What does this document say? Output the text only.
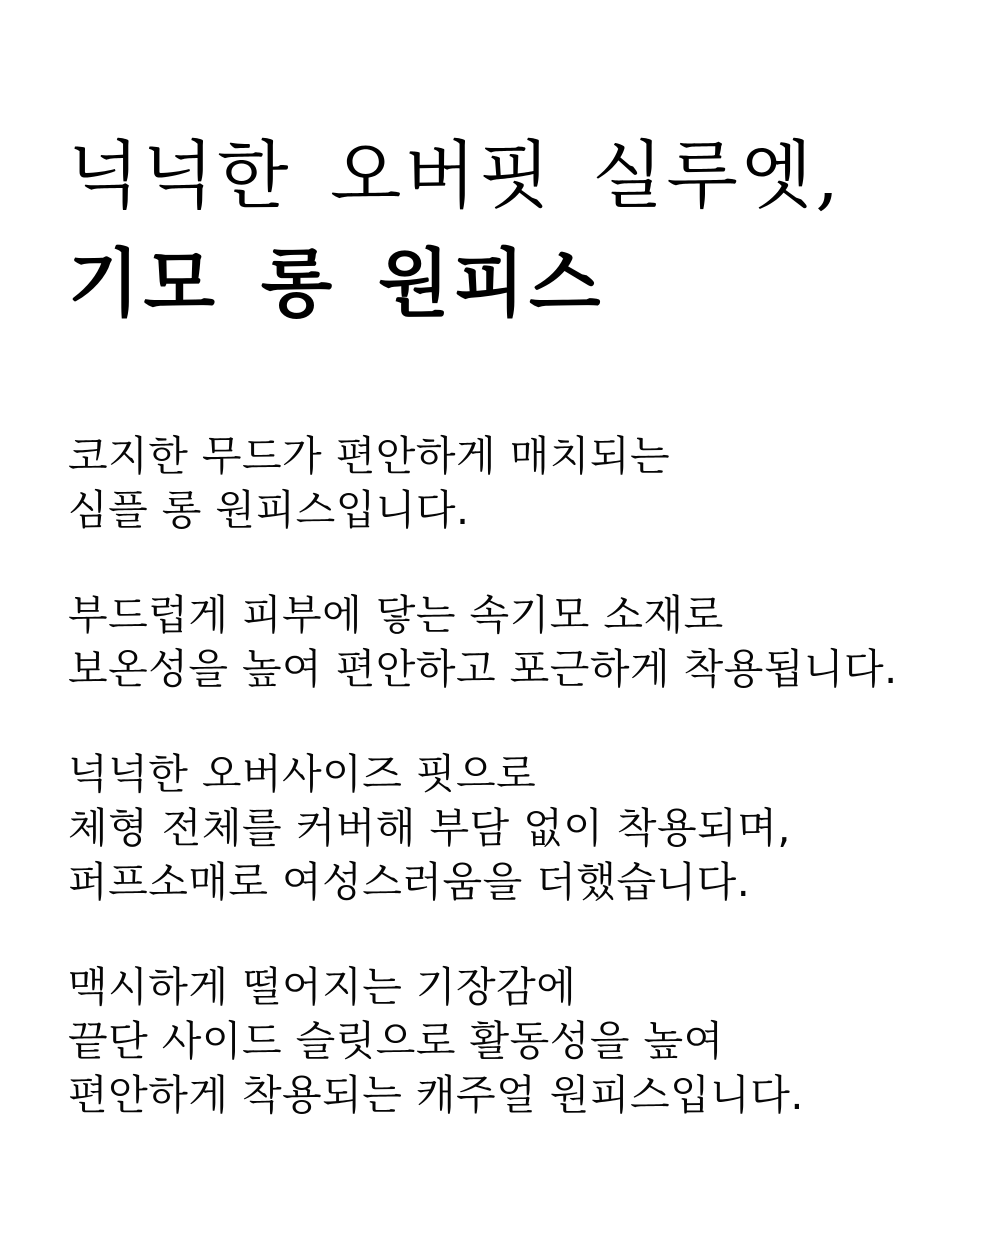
넉넉한 오버핏 실루엣,
기모 롱 원피스

코지한 무드가 편안하게 매치되는
심플 롱 원피스입니다.

부드럽게 피부에 닿는 속기모 소재로
보온성을 높여 편안하고 포근하게 착용됩니다.

넉넉한 오버사이즈 핏으로
체형 전체를 커버해 부담 없이 착용되며,
퍼프소매로 여성스러움을 더했습니다.

맥시하게 떨어지는 기장감에
끝단 사이드 슬릿으로 활동성을 높여
편안하게 착용되는 캐주얼 원피스입니다.
